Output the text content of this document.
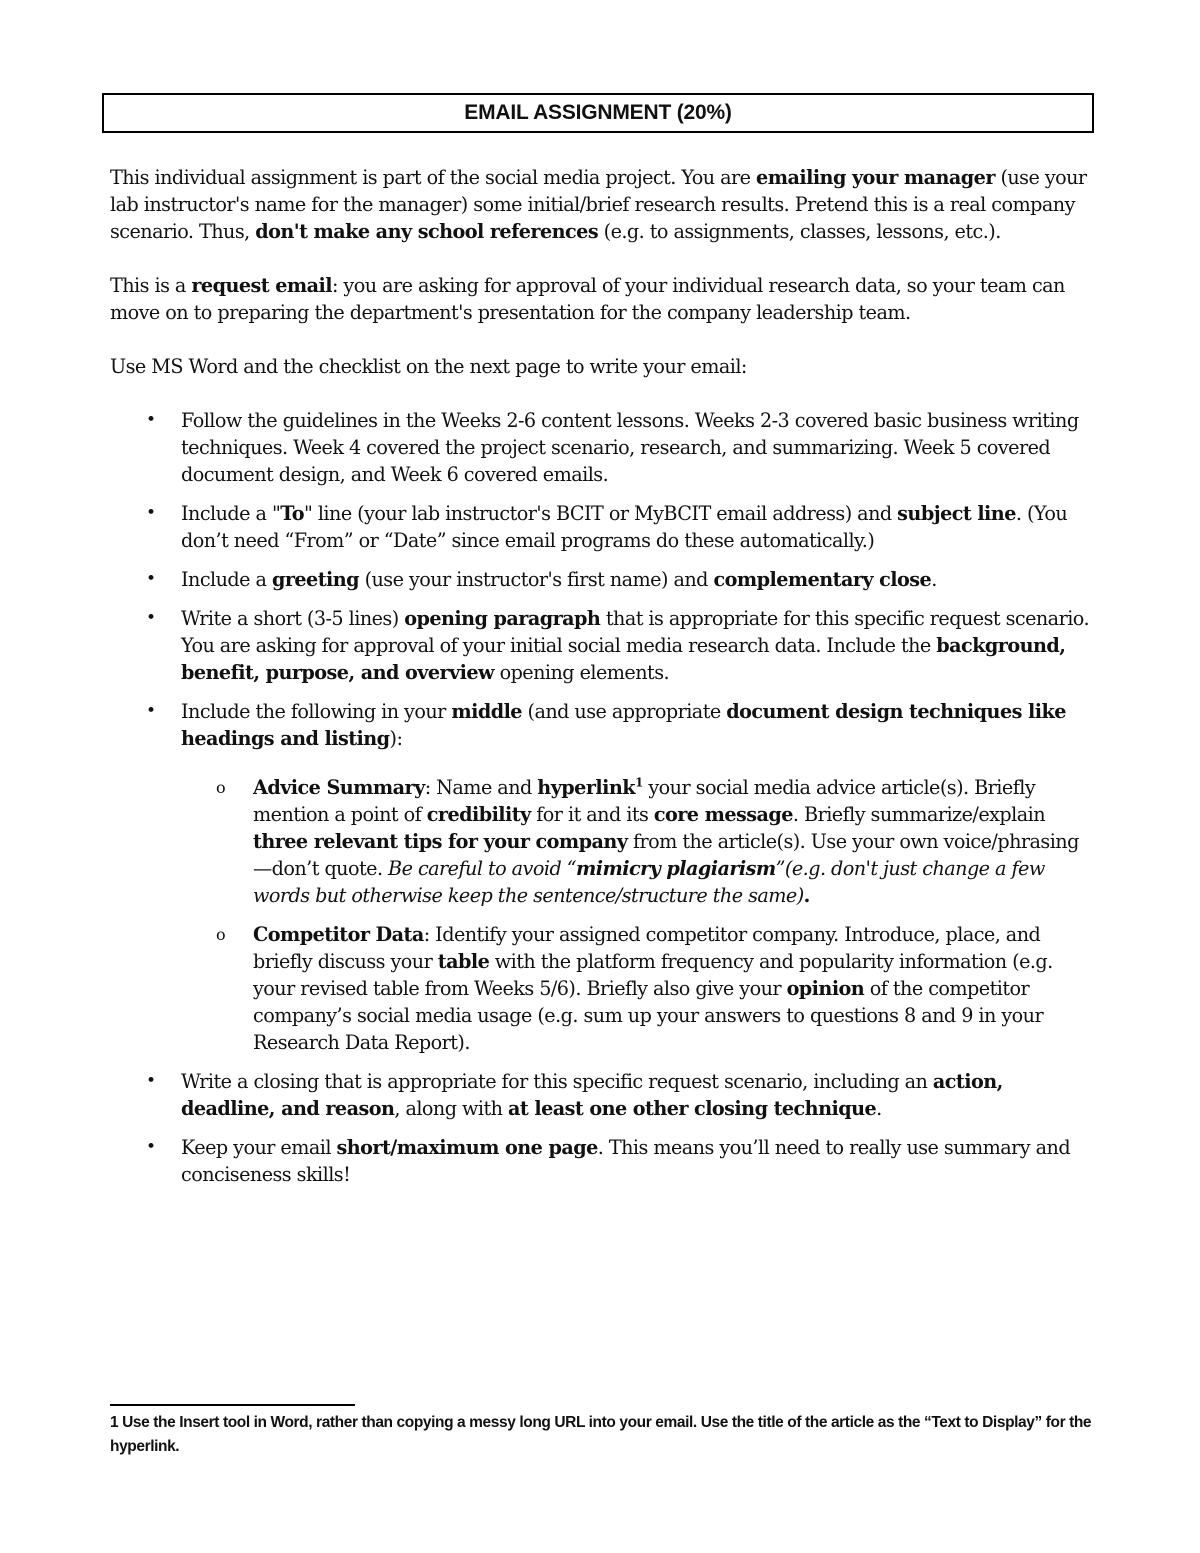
EMAIL ASSIGNMENT (20%)

This individual assignment is part of the social media project. You are emailing your manager (use your lab instructor's name for the manager) some initial/brief research results. Pretend this is a real company scenario. Thus, don't make any school references (e.g. to assignments, classes, lessons, etc.).

This is a request email: you are asking for approval of your individual research data, so your team can move on to preparing the department's presentation for the company leadership team.

Use MS Word and the checklist on the next page to write your email:

• Follow the guidelines in the Weeks 2-6 content lessons. Weeks 2-3 covered basic business writing techniques. Week 4 covered the project scenario, research, and summarizing. Week 5 covered document design, and Week 6 covered emails.
• Include a "To" line (your lab instructor's BCIT or MyBCIT email address) and subject line. (You don’t need “From” or “Date” since email programs do these automatically.)
• Include a greeting (use your instructor's first name) and complementary close.
• Write a short (3-5 lines) opening paragraph that is appropriate for this specific request scenario. You are asking for approval of your initial social media research data. Include the background, benefit, purpose, and overview opening elements.
• Include the following in your middle (and use appropriate document design techniques like headings and listing):
o Advice Summary: Name and hyperlink$^1$ your social media advice article(s). Briefly mention a point of credibility for it and its core message. Briefly summarize/explain three relevant tips for your company from the article(s). Use your own voice/phrasing—don’t quote. Be careful to avoid “mimicry plagiarism”(e.g. don't just change a few words but otherwise keep the sentence/structure the same).
o Competitor Data: Identify your assigned competitor company. Introduce, place, and briefly discuss your table with the platform frequency and popularity information (e.g. your revised table from Weeks 5/6). Briefly also give your opinion of the competitor company’s social media usage (e.g. sum up your answers to questions 8 and 9 in your Research Data Report).
• Write a closing that is appropriate for this specific request scenario, including an action, deadline, and reason, along with at least one other closing technique.
• Keep your email short/maximum one page. This means you’ll need to really use summary and conciseness skills!
1 Use the Insert tool in Word, rather than copying a messy long URL into your email. Use the title of the article as the “Text to Display” for the hyperlink.
